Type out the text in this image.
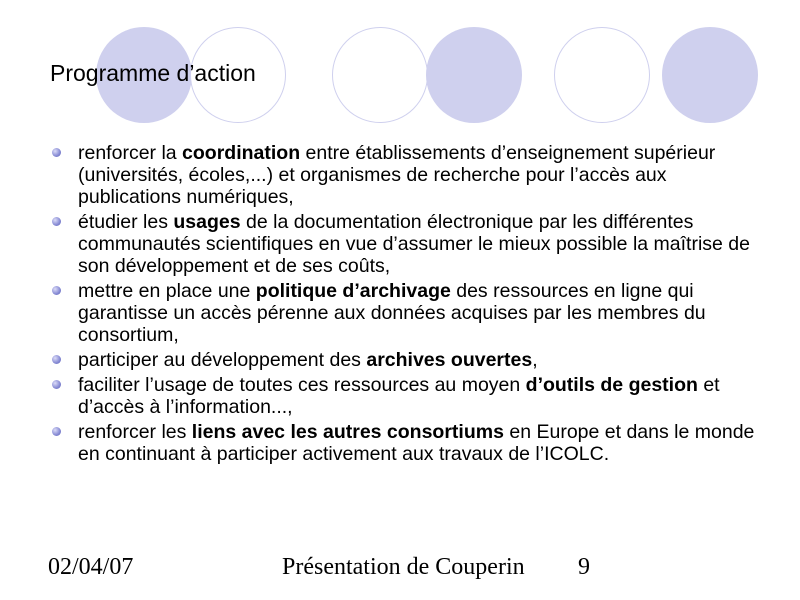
Programme d’action
renforcer la coordination entre établissements d’enseignement supérieur (universités, écoles,...) et organismes de recherche pour l’accès aux publications numériques,
étudier les usages de la documentation électronique par les différentes communautés scientifiques en vue d’assumer le mieux possible la maîtrise de son développement et de ses coûts,
mettre en place une politique d’archivage des ressources en ligne qui garantisse un accès pérenne aux données acquises par les membres du consortium,
participer au développement des archives ouvertes,
faciliter l’usage de toutes ces ressources au moyen d’outils de gestion et d’accès à l’information...,
renforcer les liens avec les autres consortiums en Europe et dans le monde en continuant à participer activement aux travaux de l’ICOLC.
02/04/07	Présentation de Couperin 9
